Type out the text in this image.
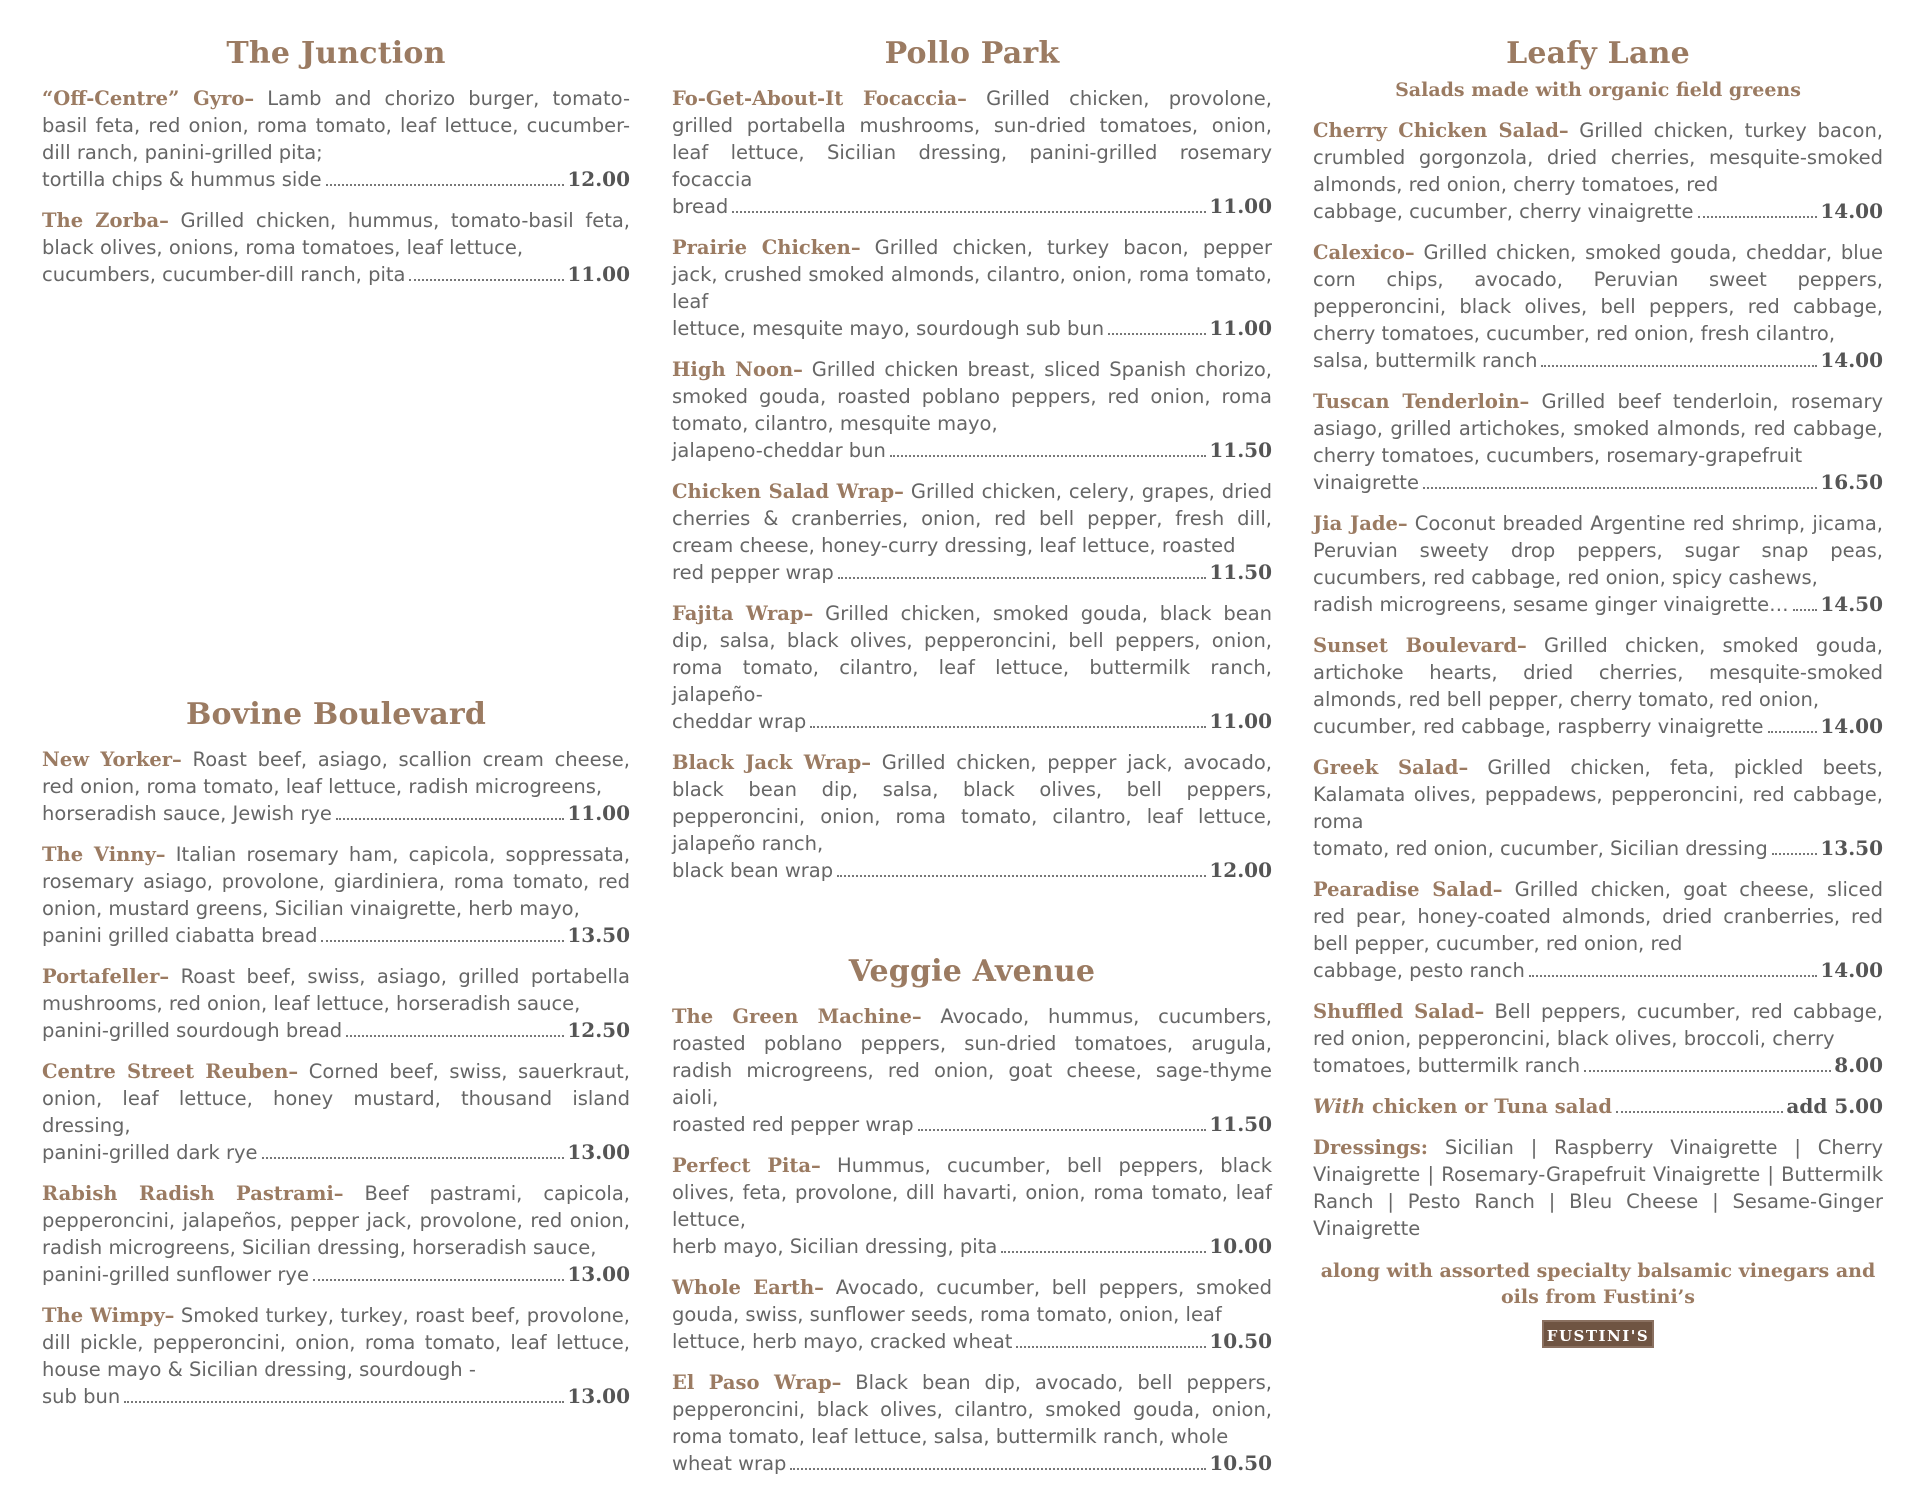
The Junction
“Off-Centre” Gyro– Lamb and chorizo burger, tomato-basil feta, red onion, roma tomato, leaf lettuce, cucumber-dill ranch, panini-grilled pita;
tortilla chips & hummus side	12.00
The Zorba– Grilled chicken, hummus, tomato-basil feta, black olives, onions, roma tomatoes, leaf lettuce,
cucumbers, cucumber-dill ranch, pita	11.00
Bovine Boulevard
New Yorker– Roast beef, asiago, scallion cream cheese, red onion, roma tomato, leaf lettuce, radish microgreens,
horseradish sauce, Jewish rye	11.00
The Vinny– Italian rosemary ham, capicola, soppressata, rosemary asiago, provolone, giardiniera, roma tomato, red onion, mustard greens, Sicilian vinaigrette, herb mayo,
panini grilled ciabatta bread	13.50
Portafeller– Roast beef, swiss, asiago, grilled portabella mushrooms, red onion, leaf lettuce, horseradish sauce,
panini-grilled sourdough bread	12.50
Centre Street Reuben– Corned beef, swiss, sauerkraut, onion, leaf lettuce, honey mustard, thousand island dressing,
panini-grilled dark rye	13.00
Rabish Radish Pastrami– Beef pastrami, capicola, pepperoncini, jalapeños, pepper jack, provolone, red onion, radish microgreens, Sicilian dressing, horseradish sauce,
panini-grilled sunflower rye	13.00
The Wimpy– Smoked turkey, turkey, roast beef, provolone, dill pickle, pepperoncini, onion, roma tomato, leaf lettuce, house mayo & Sicilian dressing, sourdough -
sub bun	13.00
Pollo Park
Fo-Get-About-It Focaccia– Grilled chicken, provolone, grilled portabella mushrooms, sun-dried tomatoes, onion, leaf lettuce, Sicilian dressing, panini-grilled rosemary focaccia
bread	11.00
Prairie Chicken– Grilled chicken, turkey bacon, pepper jack, crushed smoked almonds, cilantro, onion, roma tomato, leaf
lettuce, mesquite mayo, sourdough sub bun	11.00
High Noon– Grilled chicken breast, sliced Spanish chorizo, smoked gouda, roasted poblano peppers, red onion, roma tomato, cilantro, mesquite mayo,
jalapeno-cheddar bun	11.50
Chicken Salad Wrap– Grilled chicken, celery, grapes, dried cherries & cranberries, onion, red bell pepper, fresh dill, cream cheese, honey-curry dressing, leaf lettuce, roasted
red pepper wrap	11.50
Fajita Wrap– Grilled chicken, smoked gouda, black bean dip, salsa, black olives, pepperoncini, bell peppers, onion, roma tomato, cilantro, leaf lettuce, buttermilk ranch, jalapeño-
cheddar wrap	11.00
Black Jack Wrap– Grilled chicken, pepper jack, avocado, black bean dip, salsa, black olives, bell peppers, pepperoncini, onion, roma tomato, cilantro, leaf lettuce, jalapeño ranch,
black bean wrap	12.00
Veggie Avenue
The Green Machine– Avocado, hummus, cucumbers, roasted poblano peppers, sun-dried tomatoes, arugula, radish microgreens, red onion, goat cheese, sage-thyme aioli,
roasted red pepper wrap	11.50
Perfect Pita– Hummus, cucumber, bell peppers, black olives, feta, provolone, dill havarti, onion, roma tomato, leaf lettuce,
herb mayo, Sicilian dressing, pita	10.00
Whole Earth– Avocado, cucumber, bell peppers, smoked gouda, swiss, sunflower seeds, roma tomato, onion, leaf
lettuce, herb mayo, cracked wheat	10.50
El Paso Wrap– Black bean dip, avocado, bell peppers, pepperoncini, black olives, cilantro, smoked gouda, onion, roma tomato, leaf lettuce, salsa, buttermilk ranch, whole
wheat wrap	10.50
Leafy Lane
Salads made with organic field greens
Cherry Chicken Salad– Grilled chicken, turkey bacon, crumbled gorgonzola, dried cherries, mesquite-smoked almonds, red onion, cherry tomatoes, red
cabbage, cucumber, cherry vinaigrette	14.00
Calexico– Grilled chicken, smoked gouda, cheddar, blue corn chips, avocado, Peruvian sweet peppers, pepperoncini, black olives, bell peppers, red cabbage, cherry tomatoes, cucumber, red onion, fresh cilantro,
salsa, buttermilk ranch	14.00
Tuscan Tenderloin– Grilled beef tenderloin, rosemary asiago, grilled artichokes, smoked almonds, red cabbage, cherry tomatoes, cucumbers, rosemary-grapefruit
vinaigrette	16.50
Jia Jade– Coconut breaded Argentine red shrimp, jicama, Peruvian sweety drop peppers, sugar snap peas, cucumbers, red cabbage, red onion, spicy cashews,
radish microgreens, sesame ginger vinaigrette… 14.50
Sunset Boulevard– Grilled chicken, smoked gouda, artichoke hearts, dried cherries, mesquite-smoked almonds, red bell pepper, cherry tomato, red onion,
cucumber, red cabbage, raspberry vinaigrette	14.00
Greek Salad– Grilled chicken, feta, pickled beets, Kalamata olives, peppadews, pepperoncini, red cabbage, roma
tomato, red onion, cucumber, Sicilian dressing	13.50
Pearadise Salad– Grilled chicken, goat cheese, sliced red pear, honey-coated almonds, dried cranberries, red bell pepper, cucumber, red onion, red
cabbage, pesto ranch	14.00
Shuffled Salad– Bell peppers, cucumber, red cabbage, red onion, pepperoncini, black olives, broccoli, cherry
tomatoes, buttermilk ranch	8.00
With chicken or Tuna salad	add 5.00
Dressings: Sicilian | Raspberry Vinaigrette | Cherry Vinaigrette | Rosemary-Grapefruit Vinaigrette | Buttermilk Ranch | Pesto Ranch | Bleu Cheese | Sesame-Ginger Vinaigrette
along with assorted specialty balsamic vinegars and oils from Fustini’s
FUSTINI'S
